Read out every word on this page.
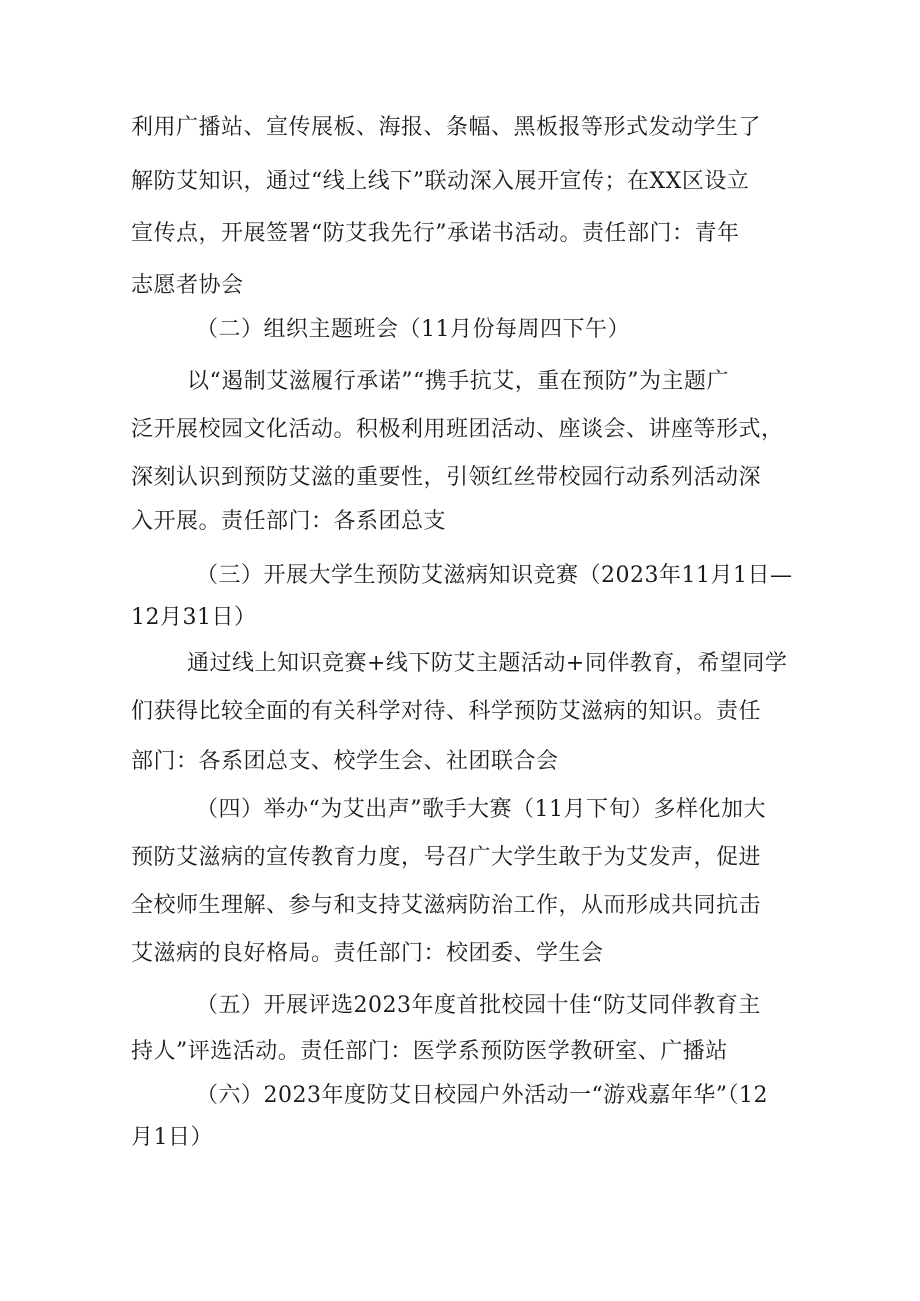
利用广播站、宣传展板、海报、条幅、黑板报等形式发动学生了

解防艾知识，通过“线上线下”联动深入展开宣传；在XX区设立

宣传点，开展签署“防艾我先行”承诺书活动。责任部门：青年

志愿者协会

（二）组织主题班会（11月份每周四下午）

以“遏制艾滋履行承诺”“携手抗艾，重在预防”为主题广

泛开展校园文化活动。积极利用班团活动、座谈会、讲座等形式，

深刻认识到预防艾滋的重要性，引领红丝带校园行动系列活动深

入开展。责任部门：各系团总支

（三）开展大学生预防艾滋病知识竞赛（2023年11月1日—

12月31日）

通过线上知识竞赛+线下防艾主题活动+同伴教育，希望同学

们获得比较全面的有关科学对待、科学预防艾滋病的知识。责任

部门：各系团总支、校学生会、社团联合会

（四）举办“为艾出声”歌手大赛（11月下旬）多样化加大

预防艾滋病的宣传教育力度，号召广大学生敢于为艾发声，促进

全校师生理解、参与和支持艾滋病防治工作，从而形成共同抗击

艾滋病的良好格局。责任部门：校团委、学生会

（五）开展评选2023年度首批校园十佳“防艾同伴教育主

持人”评选活动。责任部门：医学系预防医学教研室、广播站

（六）2023年度防艾日校园户外活动一“游戏嘉年华”（12

月1日）
